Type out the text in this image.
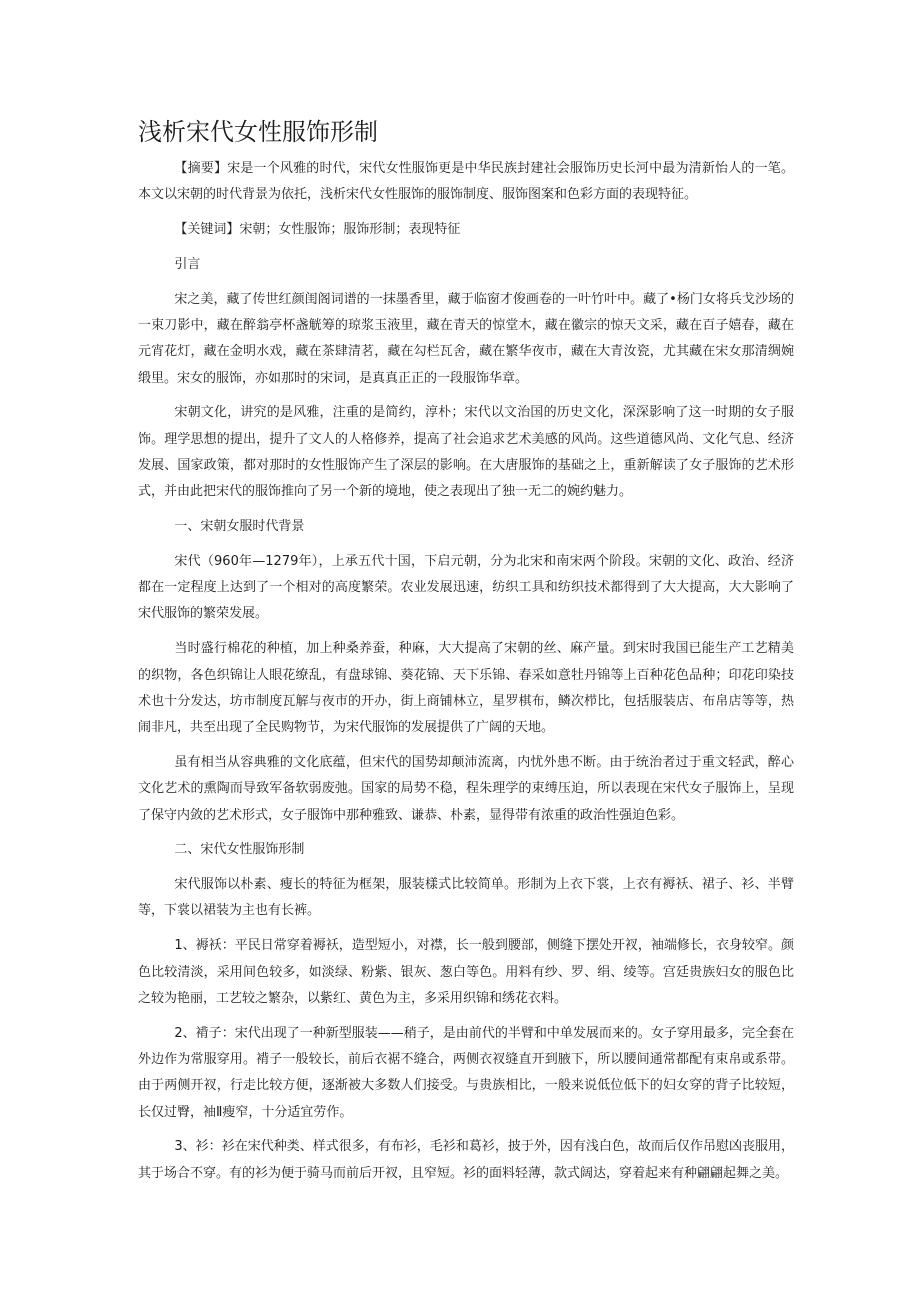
浅析宋代女性服饰形制

【摘要】宋是一个风雅的时代，宋代女性服饰更是中华民族封建社会服饰历史长河中最为清新怡人的一笔。本文以宋朝的时代背景为依托，浅析宋代女性服饰的服饰制度、服饰图案和色彩方面的表现特征。

【关键词】宋朝；女性服饰；服饰形制；表现特征

引言

宋之美，藏了传世红颜闺阁词谱的一抹墨香里，藏于临窗才俊画卷的一叶竹叶中。藏了•杨门女将兵戈沙场的一束刀影中，藏在醉翁亭杯盏觥筹的琼浆玉液里，藏在青天的惊堂木，藏在徽宗的惊天文采，藏在百子嬉春，藏在元宵花灯，藏在金明水戏，藏在茶肆清茗，藏在勾栏瓦舍，藏在繁华夜市，藏在大青汝瓷，尤其藏在宋女那清绸婉缎里。宋女的服饰，亦如那时的宋词，是真真正正的一段服饰华章。

宋朝文化，讲究的是风雅，注重的是简约，淳朴；宋代以文治国的历史文化，深深影响了这一时期的女子服饰。理学思想的提出，提升了文人的人格修养，提高了社会追求艺术美感的风尚。这些道德风尚、文化气息、经济发展、国家政策，都对那时的女性服饰产生了深层的影响。在大唐服饰的基础之上，重新解读了女子服饰的艺术形式，并由此把宋代的服饰推向了另一个新的境地，使之表现出了独一无二的婉约魅力。

一、宋朝女服时代背景

宋代（960年—1279年），上承五代十国，下启元朝，分为北宋和南宋两个阶段。宋朝的文化、政治、经济都在一定程度上达到了一个相对的高度繁荣。农业发展迅速，纺织工具和纺织技术都得到了大大提高，大大影响了宋代服饰的繁荣发展。

当时盛行棉花的种植，加上种桑养蚕，种麻，大大提高了宋朝的丝、麻产量。到宋时我国已能生产工艺精美的织物，各色织锦让人眼花缭乱，有盘球锦、葵花锦、天下乐锦、春采如意牡丹锦等上百种花色品种；印花印染技术也十分发达，坊市制度瓦解与夜市的开办，街上商铺林立，星罗棋布，鳞次栉比，包括服装店、布帛店等等，热闹非凡，共至出现了全民购物节，为宋代服饰的发展提供了广阔的天地。

虽有相当从容典雅的文化底蕴，但宋代的国势却颠沛流离，内忧外患不断。由于统治者过于重文轻武，醉心文化艺术的熏陶而导致军备软弱废弛。国家的局势不稳，程朱理学的束缚压迫，所以表现在宋代女子服饰上，呈现了保守内敛的艺术形式，女子服饰中那种雅致、谦恭、朴素，显得带有浓重的政治性强迫色彩。

二、宋代女性服饰形制

宋代服饰以朴素、瘦长的特征为框架，服装樣式比较简单。形制为上衣下裳，上衣有褥袄、裙子、衫、半臂等，下裳以裙装为主也有长裤。

1、褥袄：平民日常穿着褥袄，造型短小，对襟，长一般到腰部，侧缝下摆处开衩，袖端修长，衣身较窄。颜色比较清淡，采用间色较多，如淡绿、粉紫、银灰、葱白等色。用料有纱、罗、绢、绫等。宫廷贵族妇女的服色比之较为艳丽，工艺较之繁杂，以紫红、黄色为主，多采用织锦和绣花衣料。

2、褙子：宋代出现了一种新型服装——稍子，是由前代的半臂和中单发展而来的。女子穿用最多，完全套在外边作为常服穿用。褙子一般较长，前后衣裾不缝合，两侧衣衩缝直开到腋下，所以腰间通常都配有束帛或系带。由于两侧开衩，行走比较方便，逐渐被大多数人们接受。与贵族相比，一般来说低位低下的妇女穿的背子比较短，长仅过臀，袖Ⅱ瘦窄，十分适宜劳作。

3、衫：衫在宋代种类、样式很多，有布衫，毛衫和葛衫，披于外，因有浅白色，故而后仅作吊慰凶丧服用，其于场合不穿。有的衫为便于骑马而前后开衩，且窄短。衫的面料轻薄，款式阔达，穿着起来有种翩翩起舞之美。
